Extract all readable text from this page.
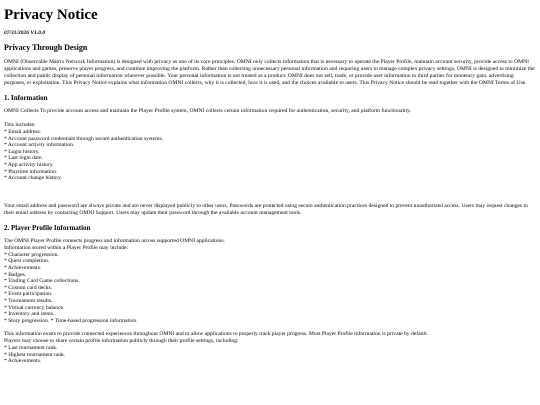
Privacy Notice
07/31/2026 V1.0.0
Privacy Through Design

OMNI (Observable Matrix Network Information) is designed with privacy as one of its core principles. OMNI only collects information that is necessary to operate the Player Profile, maintain account security, provide access to OMNI applications and games, preserve player progress, and continue improving the platform. Rather than collecting unnecessary personal information and requiring users to manage complex privacy settings, OMNI is designed to minimize the collection and public display of personal information wherever possible. Your personal information is not treated as a product. OMNI does not sell, trade, or provide user information to third parties for monetary gain, advertising purposes, or exploitation. This Privacy Notice explains what information OMNI collects, why it is collected, how it is used, and the choices available to users. This Privacy Notice should be read together with the OMNI Terms of Use.

1. Information

OMNI Collects To provide account access and maintain the Player Profile system, OMNI collects certain information required for authentication, security, and platform functionality.

This includes:

* Email address.
* Account password credentials through secure authentication systems.
* Account activity information.
* Login history.
* Last login date.
* App activity history.
* Playtime information.
* Account change history.

Your email address and password are always private and are never displayed publicly to other users. Passwords are protected using secure authentication practices designed to prevent unauthorized access. Users may request changes to their email address by contacting OMNI Support. Users may update their password through the available account management tools.

2. Player Profile Information

The OMNI Player Profile connects progress and information across supported OMNI applications.

Information stored within a Player Profile may include:

* Character progression.
* Quest completion.
* Achievements.
* Badges.
* Trading Card Game collections.
* Custom card decks.
* Event participation.
* Tournament results.
* Virtual currency balance.
* Inventory and items.
* Story progression. * Time-based progression information.

This information exists to provide connected experiences throughout OMNI and to allow applications to properly track player progress. Most Player Profile information is private by default.

Players may choose to share certain profile information publicly through their profile settings, including:

* Last tournament rank.
* Highest tournament rank.
* Achievements.
